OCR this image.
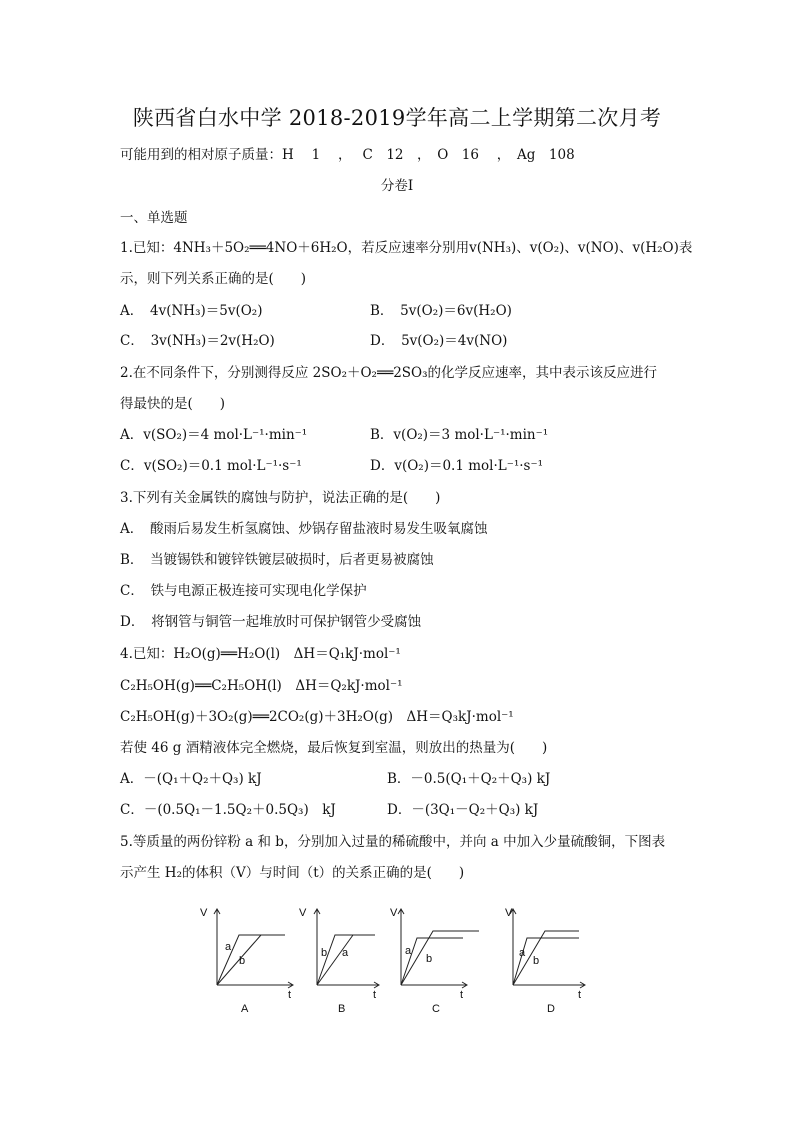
陕西省白水中学 2018-2019学年高二上学期第二次月考
可能用到的相对原子质量：H　 1　 ，　 C　12　，　O　16　 ，　Ag　108
分卷I
一、单选题
1.已知：4NH₃＋5O₂══4NO＋6H₂O，若反应速率分别用v(NH₃)、v(O₂)、v(NO)、v(H₂O)表
示，则下列关系正确的是(　　)
A．　4v(NH₃)＝5v(O₂)	B．　5v(O₂)＝6v(H₂O)
C．　3v(NH₃)＝2v(H₂O)	D．　5v(O₂)＝4v(NO)
2.在不同条件下，分别测得反应 2SO₂＋O₂══2SO₃的化学反应速率，其中表示该反应进行
得最快的是(　　)
A．v(SO₂)＝4 mol·L⁻¹·min⁻¹	B．v(O₂)＝3 mol·L⁻¹·min⁻¹
C．v(SO₂)＝0.1 mol·L⁻¹·s⁻¹	D．v(O₂)＝0.1 mol·L⁻¹·s⁻¹
3.下列有关金属铁的腐蚀与防护，说法正确的是(　　)
A．　酸雨后易发生析氢腐蚀、炒锅存留盐液时易发生吸氧腐蚀
B．　当镀锡铁和镀锌铁镀层破损时，后者更易被腐蚀
C．　铁与电源正极连接可实现电化学保护
D．　将钢管与铜管一起堆放时可保护钢管少受腐蚀
4.已知：H₂O(g)══H₂O(l)　ΔH＝Q₁kJ·mol⁻¹
C₂H₅OH(g)══C₂H₅OH(l)　ΔH＝Q₂kJ·mol⁻¹
C₂H₅OH(g)＋3O₂(g)══2CO₂(g)＋3H₂O(g)　ΔH＝Q₃kJ·mol⁻¹
若使 46 g 酒精液体完全燃烧，最后恢复到室温，则放出的热量为(　　)
A．－(Q₁＋Q₂＋Q₃) kJ	B．－0.5(Q₁＋Q₂＋Q₃) kJ
C．－(0.5Q₁－1.5Q₂＋0.5Q₃)　kJ	D．－(3Q₁－Q₂＋Q₃) kJ
5.等质量的两份锌粉 a 和 b，分别加入过量的稀硫酸中，并向 a 中加入少量硫酸铜，下图表
示产生 H₂的体积（V）与时间（t）的关系正确的是(　　)
V
t
V
t
V
t
V
t
a
b
b a	a
b	a
b
A	B	C	D
